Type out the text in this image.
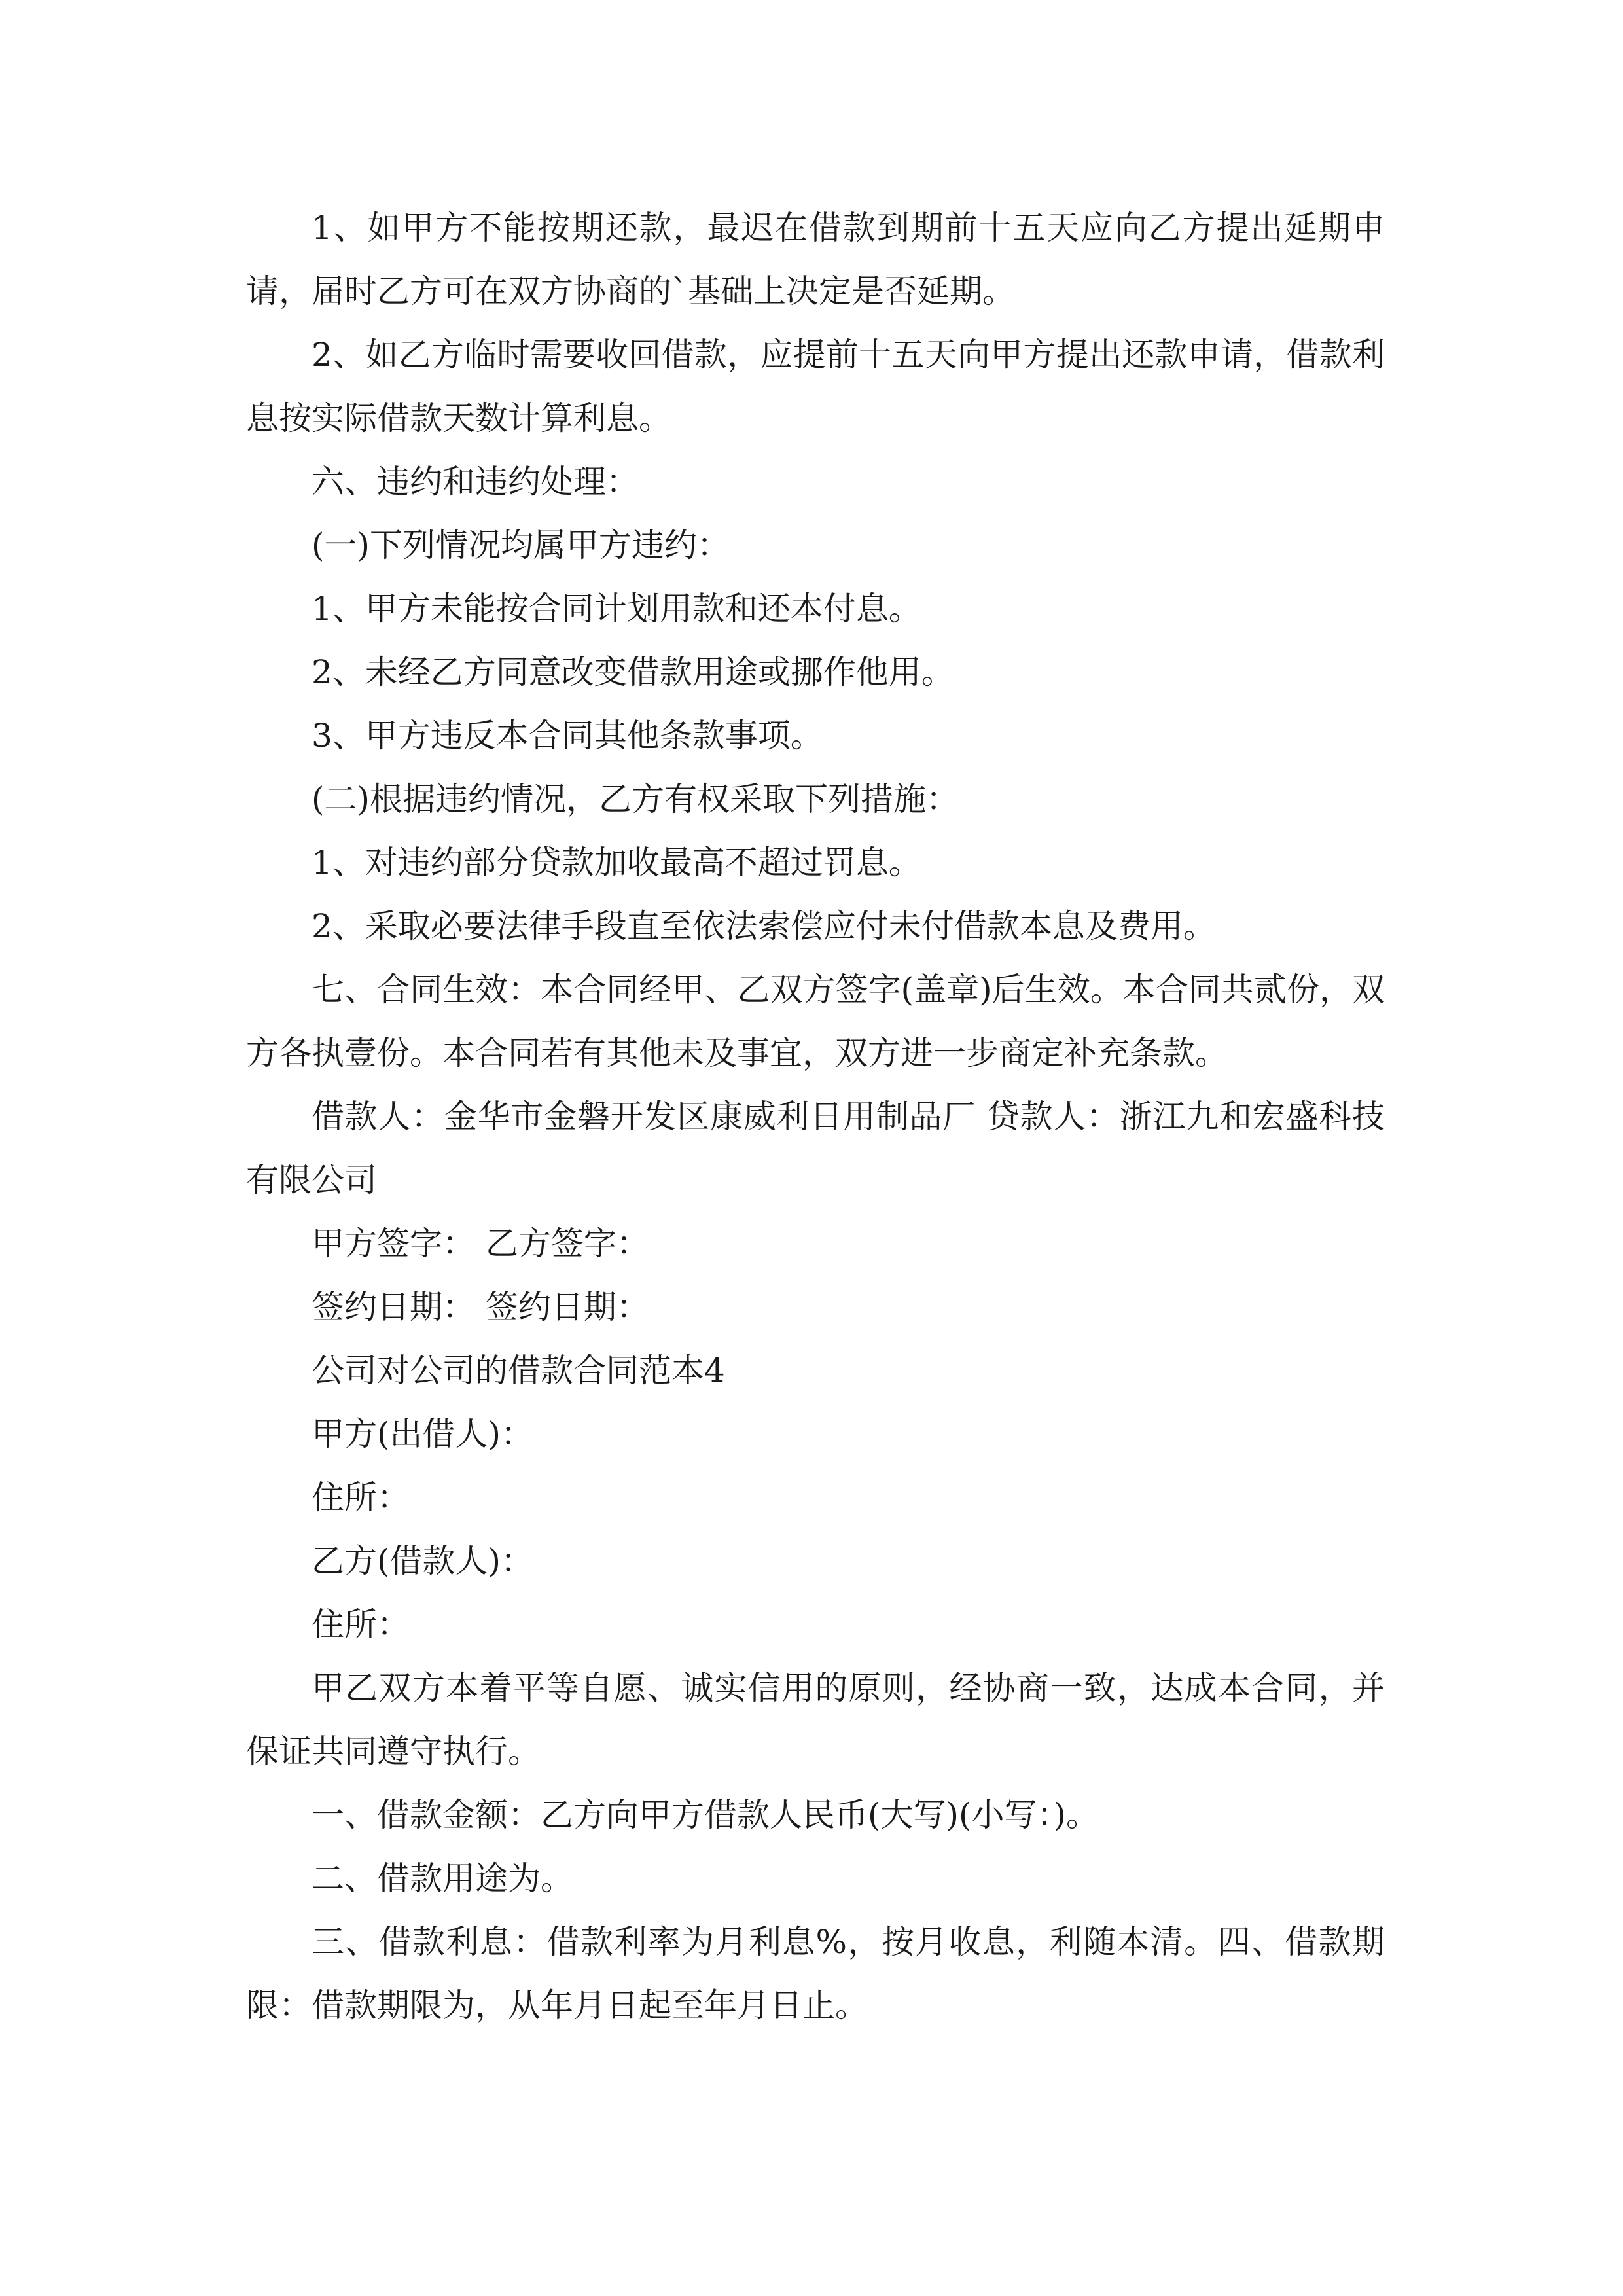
1、如甲方不能按期还款，最迟在借款到期前十五天应向乙方提出延期申请，届时乙方可在双方协商的`基础上决定是否延期。

2、如乙方临时需要收回借款，应提前十五天向甲方提出还款申请，借款利息按实际借款天数计算利息。

六、违约和违约处理：

(一)下列情况均属甲方违约：

1、甲方未能按合同计划用款和还本付息。

2、未经乙方同意改变借款用途或挪作他用。

3、甲方违反本合同其他条款事项。

(二)根据违约情况，乙方有权采取下列措施：

1、对违约部分贷款加收最高不超过罚息。

2、采取必要法律手段直至依法索偿应付未付借款本息及费用。

七、合同生效：本合同经甲、乙双方签字(盖章)后生效。本合同共贰份，双方各执壹份。本合同若有其他未及事宜，双方进一步商定补充条款。

借款人：金华市金磐开发区康威利日用制品厂 贷款人：浙江九和宏盛科技有限公司

甲方签字： 乙方签字：

签约日期： 签约日期：

公司对公司的借款合同范本4

甲方(出借人)：

住所：

乙方(借款人)：

住所：

甲乙双方本着平等自愿、诚实信用的原则，经协商一致，达成本合同，并保证共同遵守执行。

一、借款金额：乙方向甲方借款人民币(大写)(小写：)。

二、借款用途为。

三、借款利息：借款利率为月利息%，按月收息，利随本清。四、借款期限：借款期限为，从年月日起至年月日止。
